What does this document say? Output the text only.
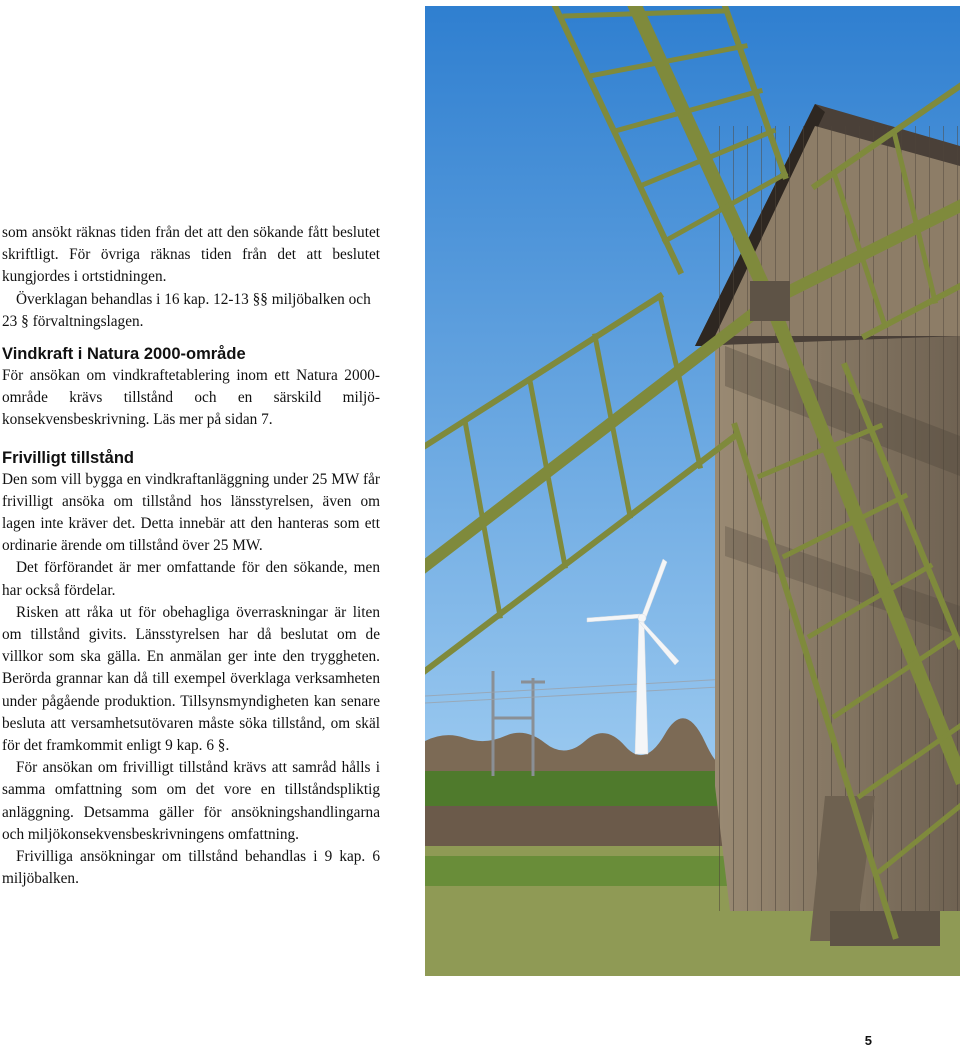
som ansökt räknas tiden från det att den sökande fått beslutet skriftligt. För övriga räknas tiden från det att beslutet kungjordes i ortstidningen.

Överklagan behandlas i 16 kap. 12-13 §§ miljöbalken och 23 § förvaltningslagen.

Vindkraft i Natura 2000-område

För ansökan om vindkraftetablering inom ett Natura 2000-område krävs tillstånd och en särskild miljökonsekvensbeskrivning. Läs mer på sidan 7.

Frivilligt tillstånd

Den som vill bygga en vindkraftanläggning under 25 MW får frivilligt ansöka om tillstånd hos länsstyrelsen, även om lagen inte kräver det. Detta innebär att den hanteras som ett ordinarie ärende om tillstånd över 25 MW.

Det förförandet är mer omfattande för den sökande, men har också fördelar.

Risken att råka ut för obehagliga överraskningar är liten om tillstånd givits. Länsstyrelsen har då beslutat om de villkor som ska gälla. En anmälan ger inte den tryggheten. Berörda grannar kan då till exempel överklaga verksamheten under pågående produktion. Tillsynsmyndigheten kan senare besluta att versamhetsutövaren måste söka tillstånd, om skäl för det framkommit enligt 9 kap. 6 §.

För ansökan om frivilligt tillstånd krävs att samråd hålls i samma omfattning som om det vore en tillståndspliktig anläggning. Detsamma gäller för ansökningshandlingarna och miljökonsekvensbeskrivningens omfattning.

Frivilliga ansökningar om tillstånd behandlas i 9 kap. 6 miljöbalken.

5
